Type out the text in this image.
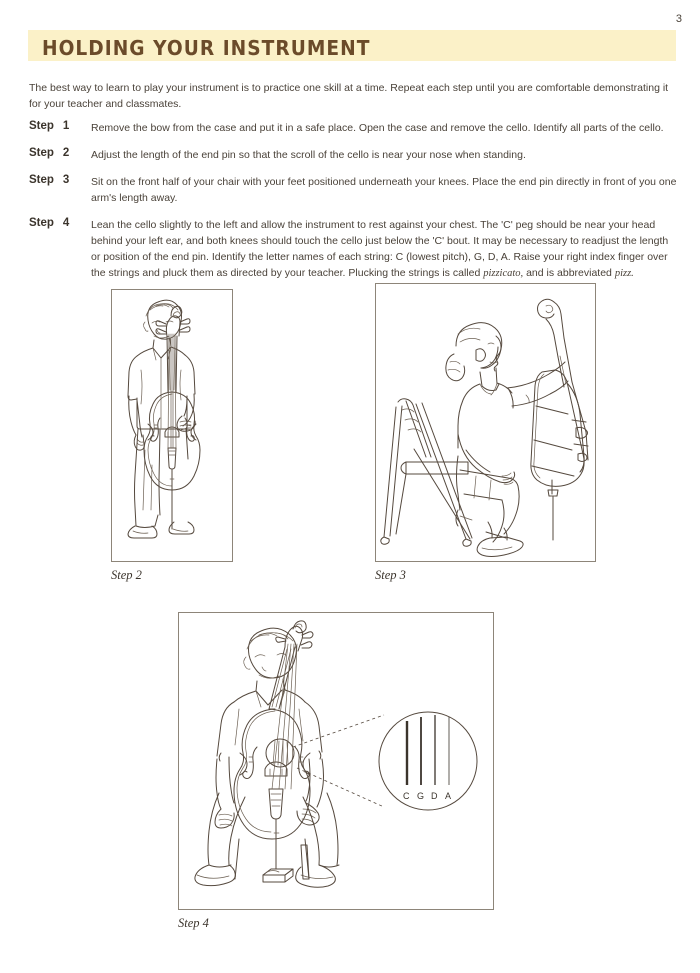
3
HOLDING YOUR INSTRUMENT
The best way to learn to play your instrument is to practice one skill at a time. Repeat each step until you are comfortable demonstrating it for your teacher and classmates.
Step 1	Remove the bow from the case and put it in a safe place. Open the case and remove the cello. Identify all parts of the cello.
Step 2	Adjust the length of the end pin so that the scroll of the cello is near your nose when standing.
Step 3	Sit on the front half of your chair with your feet positioned underneath your knees. Place the end pin directly in front of you one arm's length away.
Step 4	Lean the cello slightly to the left and allow the instrument to rest against your chest. The 'C' peg should be near your head behind your left ear, and both knees should touch the cello just below the 'C' bout. It may be necessary to readjust the length or position of the end pin. Identify the letter names of each string: C (lowest pitch), G, D, A. Raise your right index finger over the strings and pluck them as directed by your teacher. Plucking the strings is called pizzicato, and is abbreviated pizz.
Step 2	Step 3
C G D A
Step 4
